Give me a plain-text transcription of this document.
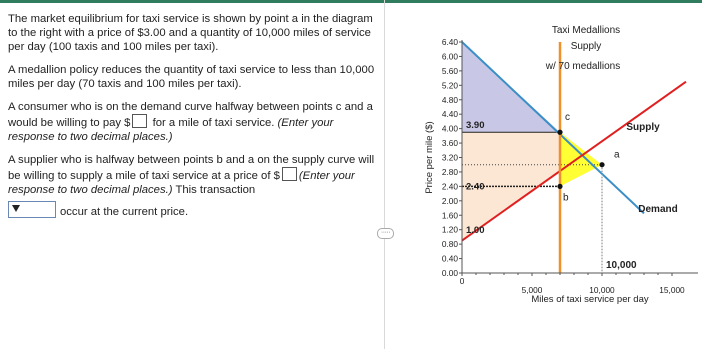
The market equilibrium for taxi service is shown by point a in the diagram to the right with a price of $3.00 and a quantity of 10,000 miles of service per day (100 taxis and 100 miles per taxi).

A medallion policy reduces the quantity of taxi service to less than 10,000 miles per day (70 taxis and 100 miles per taxi).

A consumer who is on the demand curve halfway between points c and a would be willing to pay $ for a mile of taxi service. (Enter your response to two decimal places.)

A supplier who is halfway between points b and a on the supply curve will be willing to supply a mile of taxi service at a price of $ (Enter your response to two decimal places.) This transaction

occur at the current price.

·····
0.00
0.40
0.80
1.20
1.60
2.00
2.40
2.80
3.20
3.60
4.00
4.40
4.80
5.20
5.60
6.00
6.40
0
5,000	10,000	15,000
Price per mile ($)
Miles of taxi service per day
Taxi Medallions
Supply
w/ 70 medallions
3.90
2.40
1.00
c
a
b
Supply
Demand
10,000
